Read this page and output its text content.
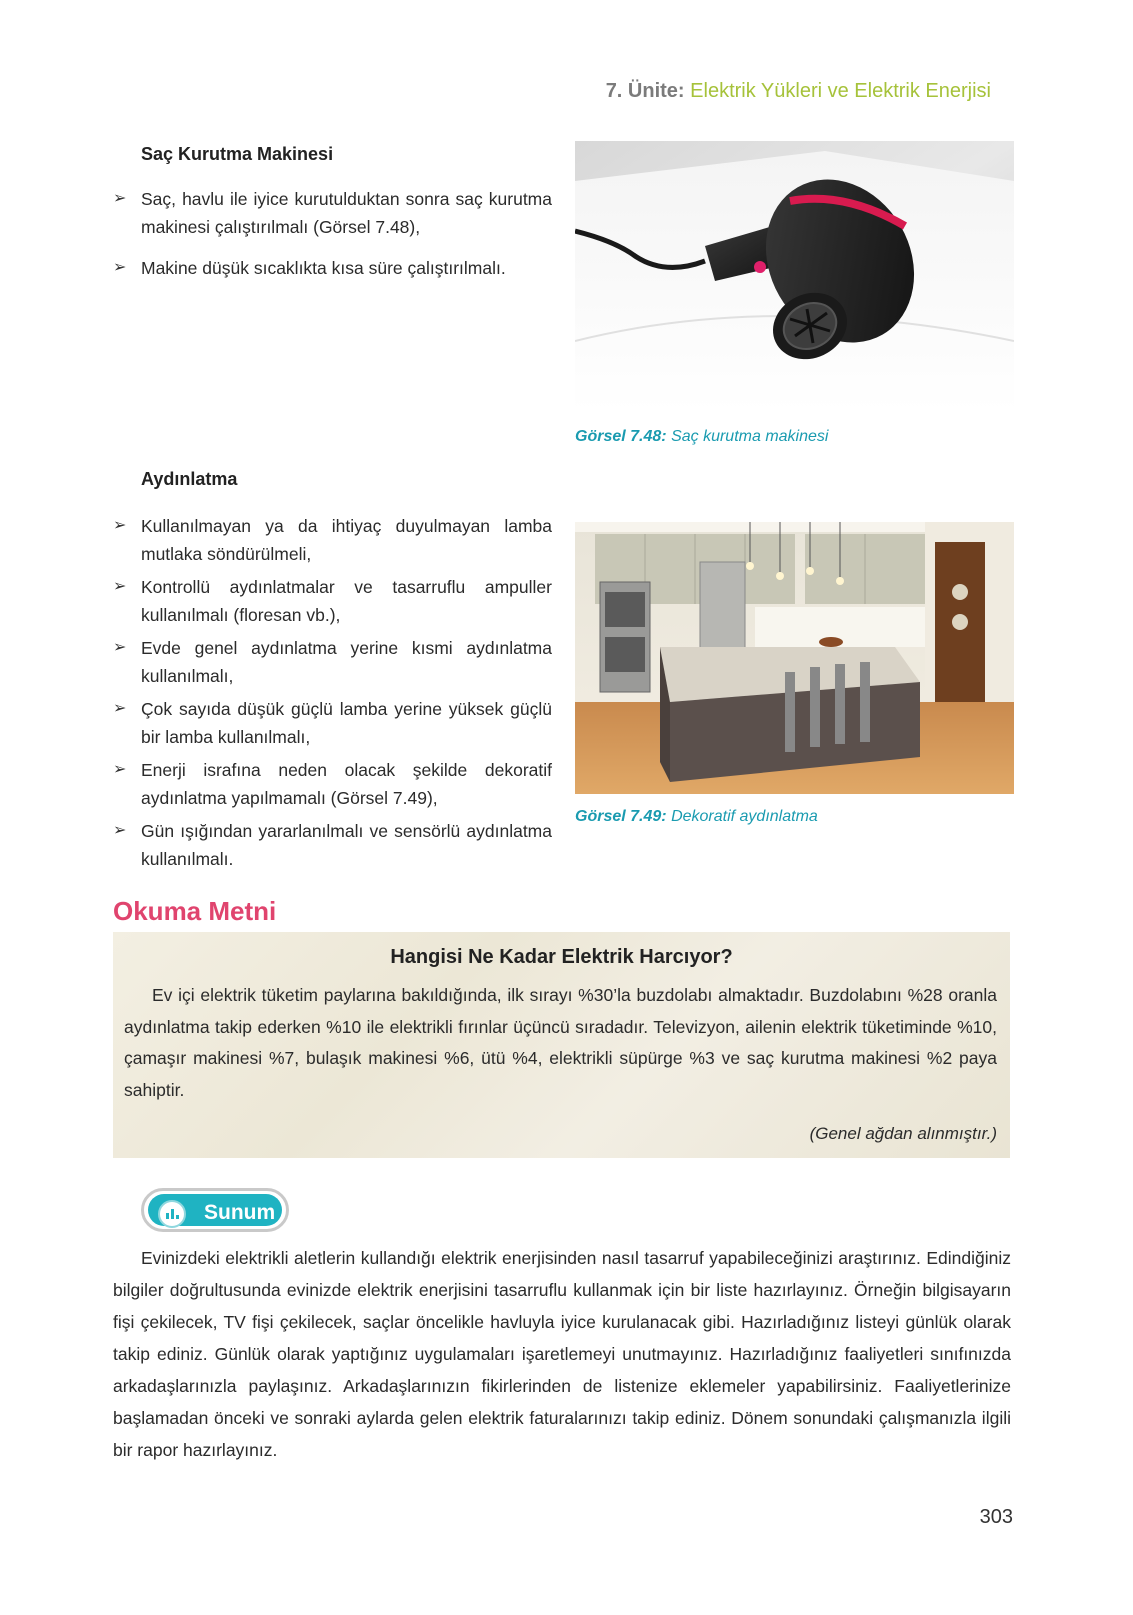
7. Ünite: Elektrik Yükleri ve Elektrik Enerjisi
Saç Kurutma Makinesi
➢ Saç, havlu ile iyice kurutulduktan sonra saç kurutma makinesi çalıştırılmalı (Görsel 7.48),
➢ Makine düşük sıcaklıkta kısa süre çalıştırılmalı.
Görsel 7.48: Saç kurutma makinesi
Aydınlatma
➢ Kullanılmayan ya da ihtiyaç duyulmayan lamba mutlaka söndürülmeli,
➢ Kontrollü aydınlatmalar ve tasarruflu ampuller kullanılmalı (floresan vb.),
➢ Evde genel aydınlatma yerine kısmi aydınlatma kullanılmalı,
➢ Çok sayıda düşük güçlü lamba yerine yüksek güçlü bir lamba kullanılmalı,
➢ Enerji israfına neden olacak şekilde dekoratif aydınlatma yapılmamalı (Görsel 7.49),
➢ Gün ışığından yararlanılmalı ve sensörlü aydınlatma kullanılmalı.
Görsel 7.49: Dekoratif aydınlatma
Okuma Metni
Hangisi Ne Kadar Elektrik Harcıyor?

Ev içi elektrik tüketim paylarına bakıldığında, ilk sırayı %30’la buzdolabı almaktadır. Buzdolabını %28 oranla aydınlatma takip ederken %10 ile elektrikli fırınlar üçüncü sıradadır. Televizyon, ailenin elektrik tüketiminde %10, çamaşır makinesi %7, bulaşık makinesi %6, ütü %4, elektrikli süpürge %3 ve saç kurutma makinesi %2 paya sahiptir.

(Genel ağdan alınmıştır.)
Sunum
Evinizdeki elektrikli aletlerin kullandığı elektrik enerjisinden nasıl tasarruf yapabileceğinizi araştırınız. Edindiğiniz bilgiler doğrultusunda evinizde elektrik enerjisini tasarruflu kullanmak için bir liste hazırlayınız. Örneğin bilgisayarın fişi çekilecek, TV fişi çekilecek, saçlar öncelikle havluyla iyice kurulanacak gibi. Hazırladığınız listeyi günlük olarak takip ediniz. Günlük olarak yaptığınız uygulamaları işaretlemeyi unutmayınız. Hazırladığınız faaliyetleri sınıfınızda arkadaşlarınızla paylaşınız. Arkadaşlarınızın fikirlerinden de listenize eklemeler yapabilirsiniz. Faaliyetlerinize başlamadan önceki ve sonraki aylarda gelen elektrik faturalarınızı takip ediniz. Dönem sonundaki çalışmanızla ilgili bir rapor hazırlayınız.
303
